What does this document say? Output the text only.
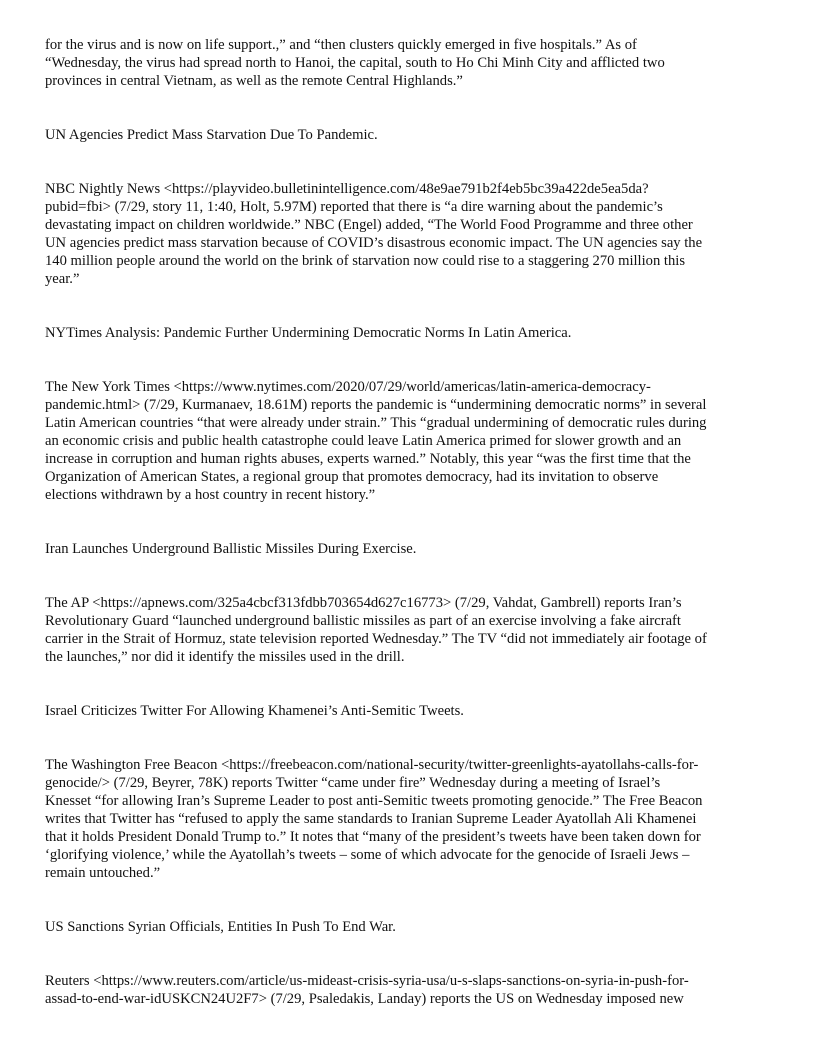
for the virus and is now on life support.,” and “then clusters quickly emerged in five hospitals.” As of
“Wednesday, the virus had spread north to Hanoi, the capital, south to Ho Chi Minh City and afflicted two
provinces in central Vietnam, as well as the remote Central Highlands.”

UN Agencies Predict Mass Starvation Due To Pandemic.

NBC Nightly News <https://playvideo.bulletinintelligence.com/48e9ae791b2f4eb5bc39a422de5ea5da?
pubid=fbi> (7/29, story 11, 1:40, Holt, 5.97M) reported that there is “a dire warning about the pandemic’s
devastating impact on children worldwide.” NBC (Engel) added, “The World Food Programme and three other
UN agencies predict mass starvation because of COVID’s disastrous economic impact. The UN agencies say the
140 million people around the world on the brink of starvation now could rise to a staggering 270 million this
year.”

NYTimes Analysis: Pandemic Further Undermining Democratic Norms In Latin America.

The New York Times <https://www.nytimes.com/2020/07/29/world/americas/latin-america-democracy-
pandemic.html> (7/29, Kurmanaev, 18.61M) reports the pandemic is “undermining democratic norms” in several
Latin American countries “that were already under strain.” This “gradual undermining of democratic rules during
an economic crisis and public health catastrophe could leave Latin America primed for slower growth and an
increase in corruption and human rights abuses, experts warned.” Notably, this year “was the first time that the
Organization of American States, a regional group that promotes democracy, had its invitation to observe
elections withdrawn by a host country in recent history.”

Iran Launches Underground Ballistic Missiles During Exercise.

The AP <https://apnews.com/325a4cbcf313fdbb703654d627c16773> (7/29, Vahdat, Gambrell) reports Iran’s
Revolutionary Guard “launched underground ballistic missiles as part of an exercise involving a fake aircraft
carrier in the Strait of Hormuz, state television reported Wednesday.” The TV “did not immediately air footage of
the launches,” nor did it identify the missiles used in the drill.

Israel Criticizes Twitter For Allowing Khamenei’s Anti-Semitic Tweets.

The Washington Free Beacon <https://freebeacon.com/national-security/twitter-greenlights-ayatollahs-calls-for-
genocide/> (7/29, Beyrer, 78K) reports Twitter “came under fire” Wednesday during a meeting of Israel’s
Knesset “for allowing Iran’s Supreme Leader to post anti-Semitic tweets promoting genocide.” The Free Beacon
writes that Twitter has “refused to apply the same standards to Iranian Supreme Leader Ayatollah Ali Khamenei
that it holds President Donald Trump to.” It notes that “many of the president’s tweets have been taken down for
‘glorifying violence,’ while the Ayatollah’s tweets – some of which advocate for the genocide of Israeli Jews –
remain untouched.”

US Sanctions Syrian Officials, Entities In Push To End War.

Reuters <https://www.reuters.com/article/us-mideast-crisis-syria-usa/u-s-slaps-sanctions-on-syria-in-push-for-
assad-to-end-war-idUSKCN24U2F7> (7/29, Psaledakis, Landay) reports the US on Wednesday imposed new
